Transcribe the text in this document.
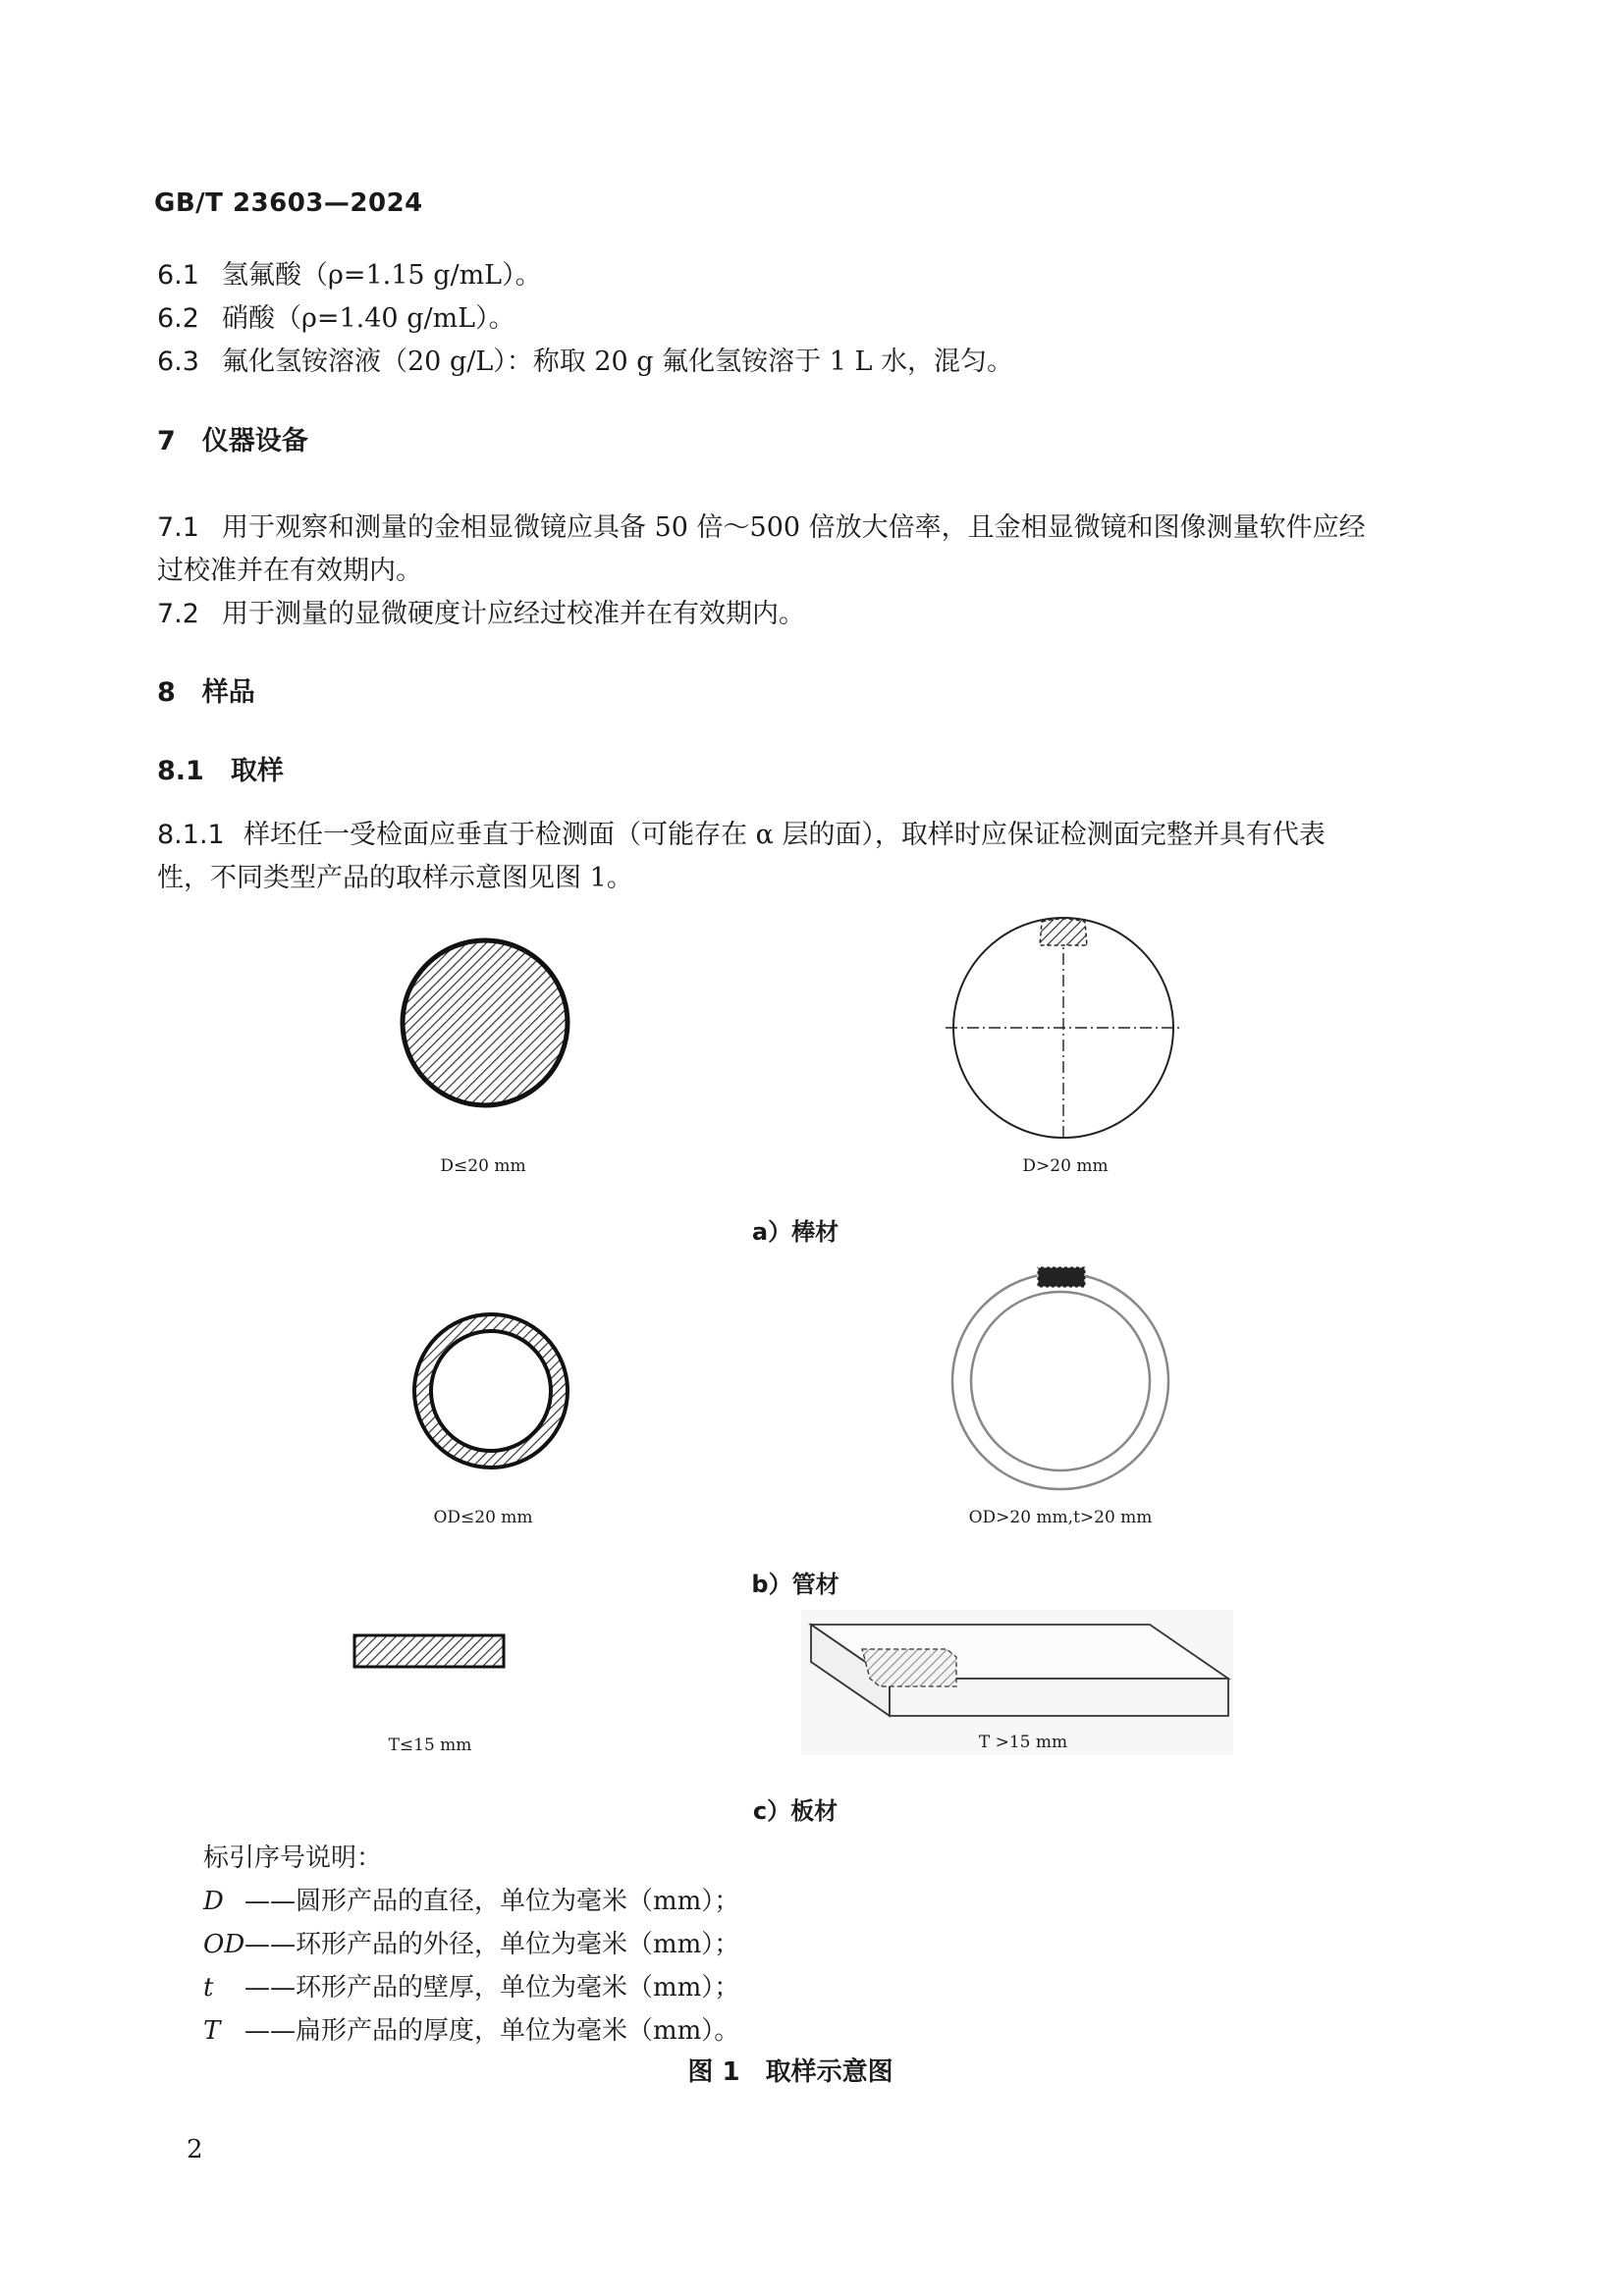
GB/T 23603—2024
6.1 氢氟酸（ρ=1.15 g/mL）。
6.2 硝酸（ρ=1.40 g/mL）。
6.3 氟化氢铵溶液（20 g/L）：称取 20 g 氟化氢铵溶于 1 L 水，混匀。
7　仪器设备
7.1 用于观察和测量的金相显微镜应具备 50 倍～500 倍放大倍率，且金相显微镜和图像测量软件应经
过校准并在有效期内。
7.2 用于测量的显微硬度计应经过校准并在有效期内。
8　样品
8.1　取样
8.1.1 样坯任一受检面应垂直于检测面（可能存在 α 层的面），取样时应保证检测面完整并具有代表
性，不同类型产品的取样示意图见图 1。
D≤20 mm	D>20 mm
a）棒材
OD≤20 mm	OD>20 mm,t>20 mm
b）管材
T≤15 mm	T >15 mm
c）板材
标引序号说明：
D ——圆形产品的直径，单位为毫米（mm）；
OD——环形产品的外径，单位为毫米（mm）；
t ——环形产品的壁厚，单位为毫米（mm）；
T ——扁形产品的厚度，单位为毫米（mm）。
图 1　取样示意图
2
